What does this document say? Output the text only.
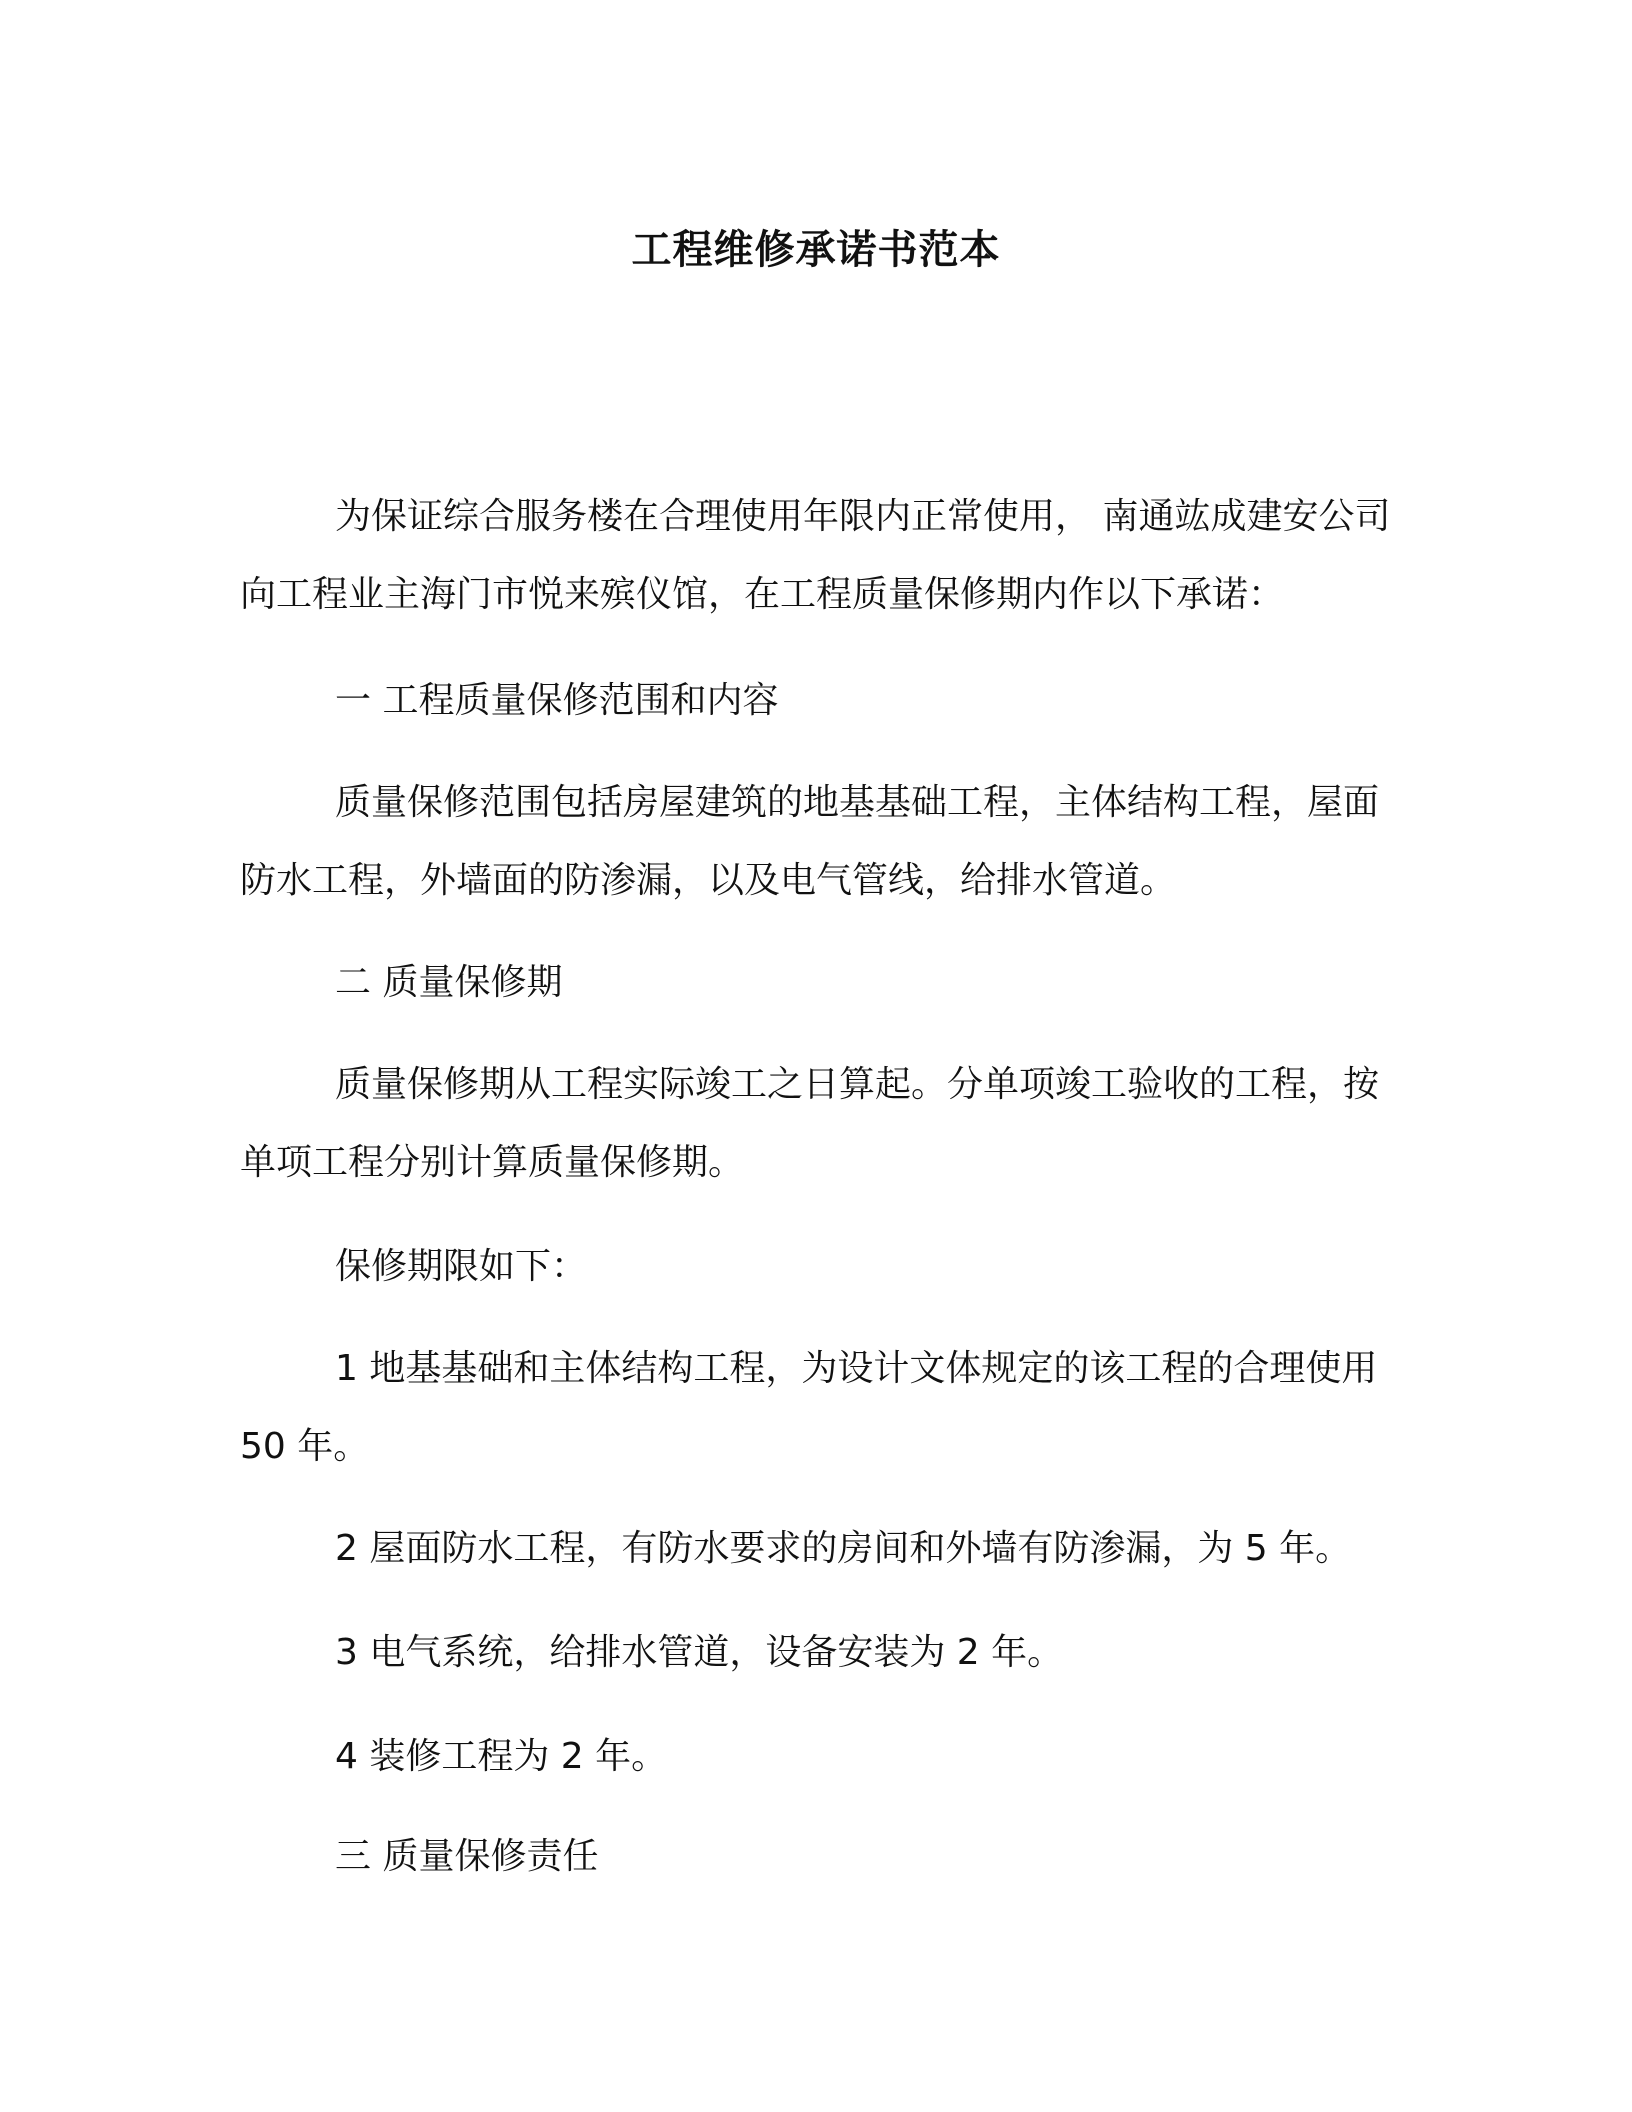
工程维修承诺书范本

为保证综合服务楼在合理使用年限内正常使用， 南通竑成建安公司向工程业主海门市悦来殡仪馆，在工程质量保修期内作以下承诺：

一 工程质量保修范围和内容

质量保修范围包括房屋建筑的地基基础工程，主体结构工程，屋面防水工程，外墙面的防渗漏，以及电气管线，给排水管道。

二 质量保修期

质量保修期从工程实际竣工之日算起。分单项竣工验收的工程，按单项工程分别计算质量保修期。

保修期限如下：

1 地基基础和主体结构工程，为设计文体规定的该工程的合理使用 50 年。

2 屋面防水工程，有防水要求的房间和外墙有防渗漏，为 5 年。

3 电气系统，给排水管道，设备安装为 2 年。

4 装修工程为 2 年。

三 质量保修责任
